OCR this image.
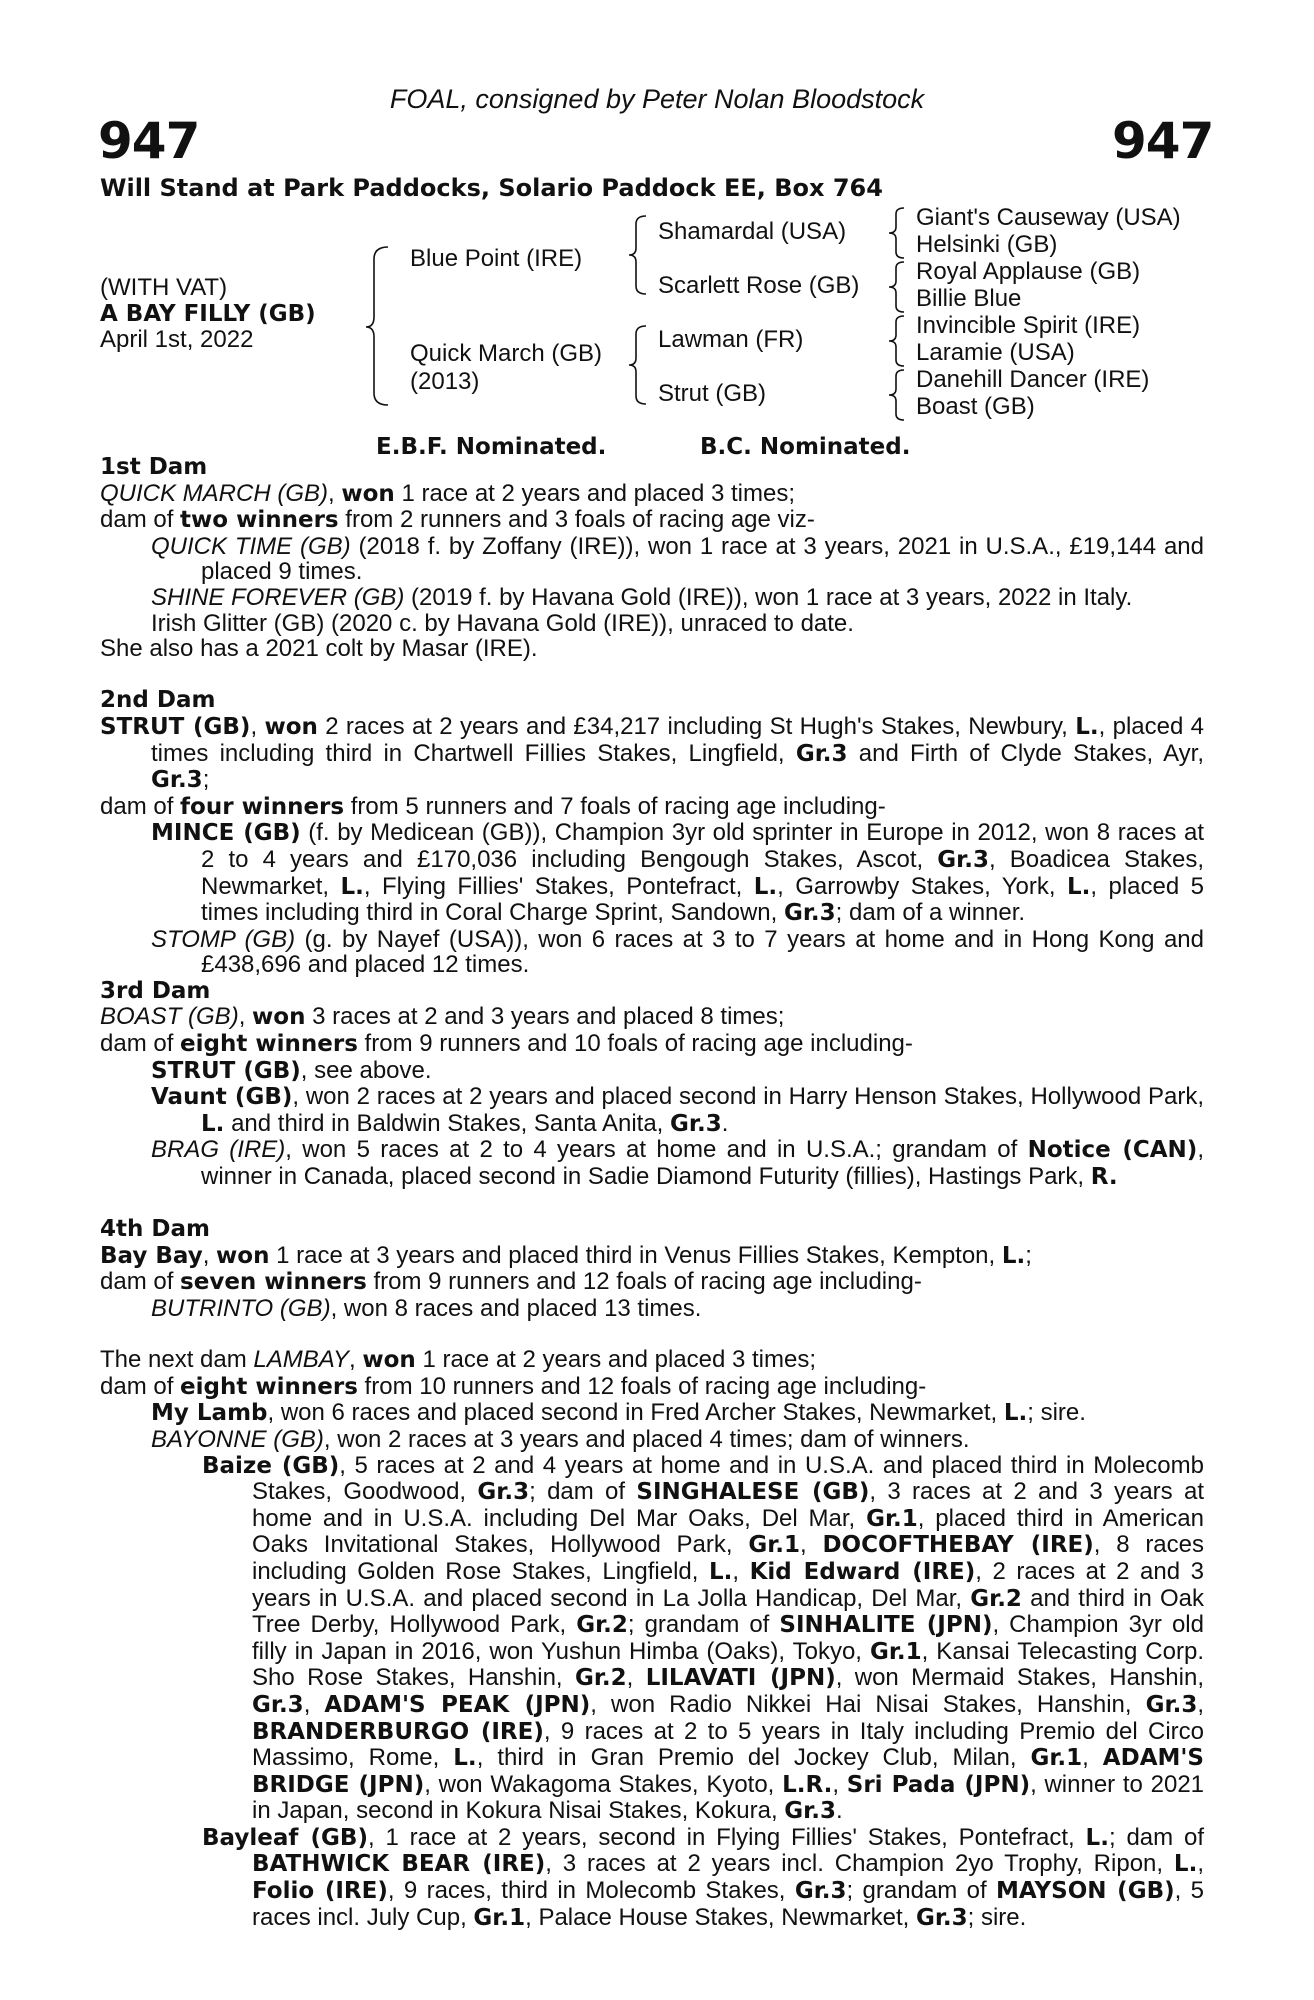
FOAL, consigned by Peter Nolan Bloodstock
947	947
Will Stand at Park Paddocks, Solario Paddock EE, Box 764
(WITH VAT)
A BAY FILLY (GB)
April 1st, 2022
Blue Point (IRE)
Quick March (GB)
(2013)
Shamardal (USA)
Scarlett Rose (GB)
Lawman (FR)
Strut (GB)
Giant's Causeway (USA)
Helsinki (GB)
Royal Applause (GB)
Billie Blue
Invincible Spirit (IRE)
Laramie (USA)
Danehill Dancer (IRE)
Boast (GB)
E.B.F. Nominated.	B.C. Nominated.

1st Dam

QUICK MARCH (GB), won 1 race at 2 years and placed 3 times;

dam of two winners from 2 runners and 3 foals of racing age viz-

QUICK TIME (GB) (2018 f. by Zoffany (IRE)), won 1 race at 3 years, 2021 in U.S.A., £19,144 and placed 9 times.

SHINE FOREVER (GB) (2019 f. by Havana Gold (IRE)), won 1 race at 3 years, 2022 in Italy.

Irish Glitter (GB) (2020 c. by Havana Gold (IRE)), unraced to date.

She also has a 2021 colt by Masar (IRE).

2nd Dam

STRUT (GB), won 2 races at 2 years and £34,217 including St Hugh's Stakes, Newbury, L., placed 4 times including third in Chartwell Fillies Stakes, Lingfield, Gr.3 and Firth of Clyde Stakes, Ayr, Gr.3;

dam of four winners from 5 runners and 7 foals of racing age including-

MINCE (GB) (f. by Medicean (GB)), Champion 3yr old sprinter in Europe in 2012, won 8 races at 2 to 4 years and £170,036 including Bengough Stakes, Ascot, Gr.3, Boadicea Stakes, Newmarket, L., Flying Fillies' Stakes, Pontefract, L., Garrowby Stakes, York, L., placed 5 times including third in Coral Charge Sprint, Sandown, Gr.3; dam of a winner.

STOMP (GB) (g. by Nayef (USA)), won 6 races at 3 to 7 years at home and in Hong Kong and £438,696 and placed 12 times.

3rd Dam

BOAST (GB), won 3 races at 2 and 3 years and placed 8 times;

dam of eight winners from 9 runners and 10 foals of racing age including-

STRUT (GB), see above.

Vaunt (GB), won 2 races at 2 years and placed second in Harry Henson Stakes, Hollywood Park, L. and third in Baldwin Stakes, Santa Anita, Gr.3.

BRAG (IRE), won 5 races at 2 to 4 years at home and in U.S.A.; grandam of Notice (CAN), winner in Canada, placed second in Sadie Diamond Futurity (fillies), Hastings Park, R.

4th Dam

Bay Bay, won 1 race at 3 years and placed third in Venus Fillies Stakes, Kempton, L.;

dam of seven winners from 9 runners and 12 foals of racing age including-

BUTRINTO (GB), won 8 races and placed 13 times.

The next dam LAMBAY, won 1 race at 2 years and placed 3 times;

dam of eight winners from 10 runners and 12 foals of racing age including-

My Lamb, won 6 races and placed second in Fred Archer Stakes, Newmarket, L.; sire.

BAYONNE (GB), won 2 races at 3 years and placed 4 times; dam of winners.

Baize (GB), 5 races at 2 and 4 years at home and in U.S.A. and placed third in Molecomb Stakes, Goodwood, Gr.3; dam of SINGHALESE (GB), 3 races at 2 and 3 years at home and in U.S.A. including Del Mar Oaks, Del Mar, Gr.1, placed third in American Oaks Invitational Stakes, Hollywood Park, Gr.1, DOCOFTHEBAY (IRE), 8 races including Golden Rose Stakes, Lingfield, L., Kid Edward (IRE), 2 races at 2 and 3 years in U.S.A. and placed second in La Jolla Handicap, Del Mar, Gr.2 and third in Oak Tree Derby, Hollywood Park, Gr.2; grandam of SINHALITE (JPN), Champion 3yr old filly in Japan in 2016, won Yushun Himba (Oaks), Tokyo, Gr.1, Kansai Telecasting Corp. Sho Rose Stakes, Hanshin, Gr.2, LILAVATI (JPN), won Mermaid Stakes, Hanshin, Gr.3, ADAM'S PEAK (JPN), won Radio Nikkei Hai Nisai Stakes, Hanshin, Gr.3, BRANDERBURGO (IRE), 9 races at 2 to 5 years in Italy including Premio del Circo Massimo, Rome, L., third in Gran Premio del Jockey Club, Milan, Gr.1, ADAM'S BRIDGE (JPN), won Wakagoma Stakes, Kyoto, L.R., Sri Pada (JPN), winner to 2021 in Japan, second in Kokura Nisai Stakes, Kokura, Gr.3.

Bayleaf (GB), 1 race at 2 years, second in Flying Fillies' Stakes, Pontefract, L.; dam of BATHWICK BEAR (IRE), 3 races at 2 years incl. Champion 2yo Trophy, Ripon, L., Folio (IRE), 9 races, third in Molecomb Stakes, Gr.3; grandam of MAYSON (GB), 5 races incl. July Cup, Gr.1, Palace House Stakes, Newmarket, Gr.3; sire.
